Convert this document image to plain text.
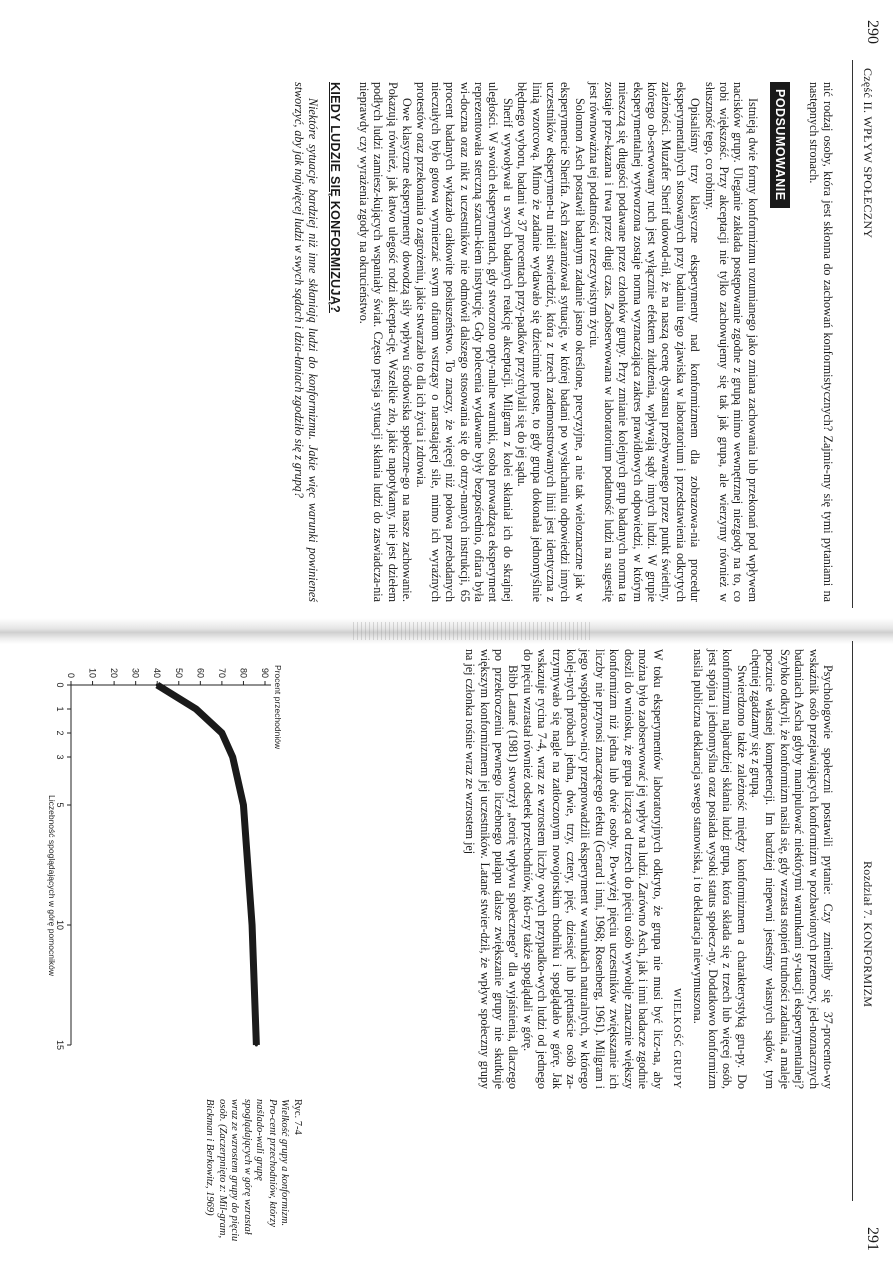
290
Część II. WPŁYW SPOŁECZNY

nić rodzaj osoby, która jest skłonna do zachowań konformistycznych? Zajmie-my się tymi pytaniami na następnych stronach.

PODSUMOWANIE

Istnieją dwie formy konformizmu rozumianego jako zmiana zachowania lub przekonań pod wpływem nacisków grupy. Uleganie zakłada postępowanie zgodne z grupą mimo wewnętrznej niezgody na to, co robi większość. Przy akceptacji nie tylko zachowujemy się tak jak grupa, ale wierzymy również w słuszność tego, co robimy.

Opisaliśmy trzy klasyczne eksperymenty nad konformizmem dla zobrazowa-nia procedur eksperymentalnych stosowanych przy badaniu tego zjawiska w laboratorium i przedstawienia odkrytych zależności. Muzafer Sherif udowod-nił, że na naszą ocenę dystansu przebywanego przez punkt świetlny, którego ob-serwowany ruch jest wyłącznie efektem złudzenia, wpływają sądy innych ludzi. W grupie eksperymentalnej wytworzona zostaje norma wyznaczająca zakres prawidłowych odpowiedzi, w którym mieszczą się długości podawane przez członków grupy. Przy zmianie kolejnych grup badanych norma ta zostaje prze-kazana i trwa przez długi czas. Zaobserwowana w laboratorium podatność ludzi na sugestię jest równoważna tej podatności w rzeczywistym życiu.

Solomon Asch postawił badanym zadanie jasno określone, precyzyjne, a nie tak wieloznaczne jak w eksperymencie Sherifa. Asch zaaranżował sytuację, w której badani po wysłuchaniu odpowiedzi innych uczestników eksperymen-tu mieli stwierdzić, która z trzech zademonstrowanych linii jest identyczna z linią wzorcową. Mimo że zadanie wydawało się dziecinnie proste, to gdy grupa dokonała jednomyślnie błędnego wyboru, badani w 37 procentach przy-padków przychylali się do jej sądu.

Sherif wywoływał u swych badanych reakcję akceptacji. Milgram z kolei skłaniał ich do skrajnej uległości. W swoich eksperymentach, gdy stworzono opty-malne warunki, osoba prowadząca eksperyment reprezentowała sterczną szacun-kiem instytucję. Gdy polecenia wydawane były bezpośrednio, ofiara była wi-doczna oraz nikt z uczestników nie odmówił dalszego stosowania się do otrzy-manych instrukcji, 65 procent badanych wykazało całkowite posłuszeństwo. To znaczy, że więcej niż połowa przebadanych nieczułych było gotowa wymierzać swym ofiarom wstrząsy o narastającej sile, mimo ich wyraźnych protestów oraz przekonania o zagrożeniu, jakie stwarzało to dla ich życia i zdrowia.

Owe klasyczne eksperymenty dowodzą siły wpływu środowiska społeczne-go na nasze zachowanie. Pokazują również, jak łatwo ulegość rodzi akcepta-cję. Wszelkie zło, jakie napotykamy, nie jest dziełem podłych ludzi zamiesz-kujących wspaniały świat. Często presja sytuacji skłania ludzi do zaswiadcza-nia nieprawdy czy wyrażenia zgody na okrucieństwo.

KIEDY LUDZIE SIĘ KONFORMIZUJĄ?

Niektóre sytuacje bardziej niż inne skłaniają ludzi do konformizmu. Jakie więc warunki powinieneś stworzyć, aby jak najwięcej ludzi w swych sądach i dzia-łaniach zgodziło się z grupą?

Rozdział 7. KONFORMIZM
291

Psychologowie społeczni postawili pytanie: Czy zmieniłby się 37-procento-wy wskaźnik osób przejawiających konformizm w pozbawionych przemocy, jed-noznacznych badaniach Ascha gdyby manipulować niektórymi warunkami sy-tuacji eksperymentalnej? Szybko odkryli, że konformizm nasila się, gdy wzrasta stopień trudności zadania, a maleje poczucie własnej kompetencji. Im bardziej niepewni jesteśmy własnych sądów, tym chętniej zgadzamy się z grupą.

Stwierdzono także zależność między konformizmem a charakterystyką gru-py. Do konformizmu najbardziej skłania ludzi grupa, która składa się z trzech lub więcej osób, jest spójna i jednomyślna oraz posiada wysoki status społecz-ny. Dodatkowo konformizm nasila publiczna deklaracja swego stanowiska, i to deklaracja niewymuszona.

WIELKOŚĆ GRUPY

W toku eksperymentów laboratoryjnych odkryto, że grupa nie musi być licz-na, aby można było zaobserwować jej wpływ na ludzi. Zarówno Asch, jak i inni badacze zgodnie doszli do wniosku, że grupa licząca od trzech do pięciu osób wywołuje znacznie większy konformizm niż jedna lub dwie osoby. Po-wyżej pięciu uczestników zwiększanie ich liczby nie przynosi znaczącego efektu (Gerard i inni, 1968; Rosenberg, 1961). Milgram i jego współpracow-nicy przeprowadzili eksperyment w warunkach naturalnych, w którego kolej-nych próbach jedna, dwie, trzy, cztery, pięć, dziesięć lub piętnaście osób za-trzymywało się nagle na zatłoczonym nowojorskim chodniku i spoglądało w górę. Jak wskazuje rycina 7-4, wraz ze wzrostem liczby owych przypadko-wych ludzi od jednego do pięciu wzrastał również odsetek przechodniów, któ-rzy także spoglądali w górę.

Bibb Latané (1981) stworzył „teorię wpływu społecznego” dla wyjaśnienia, dlaczego po przekroczeniu pewnego liczebnego pułapu dalsze zwiększanie grupy nie skutkuje większym konformizmem jej uczestników. Latané stwier-dził, że wpływ społeczny grupy na jej członka rośnie wraz ze wzrostem jej

Procent przechodniów
Liczebność spoglądających w górę pomocników
0 10 20 30 40 50 60 70 80 90
0
1
2
3
5
10
15
Ryc. 7-4
Wielkość grupy a konformizm. Pro-cent przechodniów, którzy naślado-wali grupę spoglądających w górę wzrastał wraz ze wzrostem grupy do pięciu osób. (Zaczerpnięto z: Mil-gram, Bickman i Berkowitz, 1969)
